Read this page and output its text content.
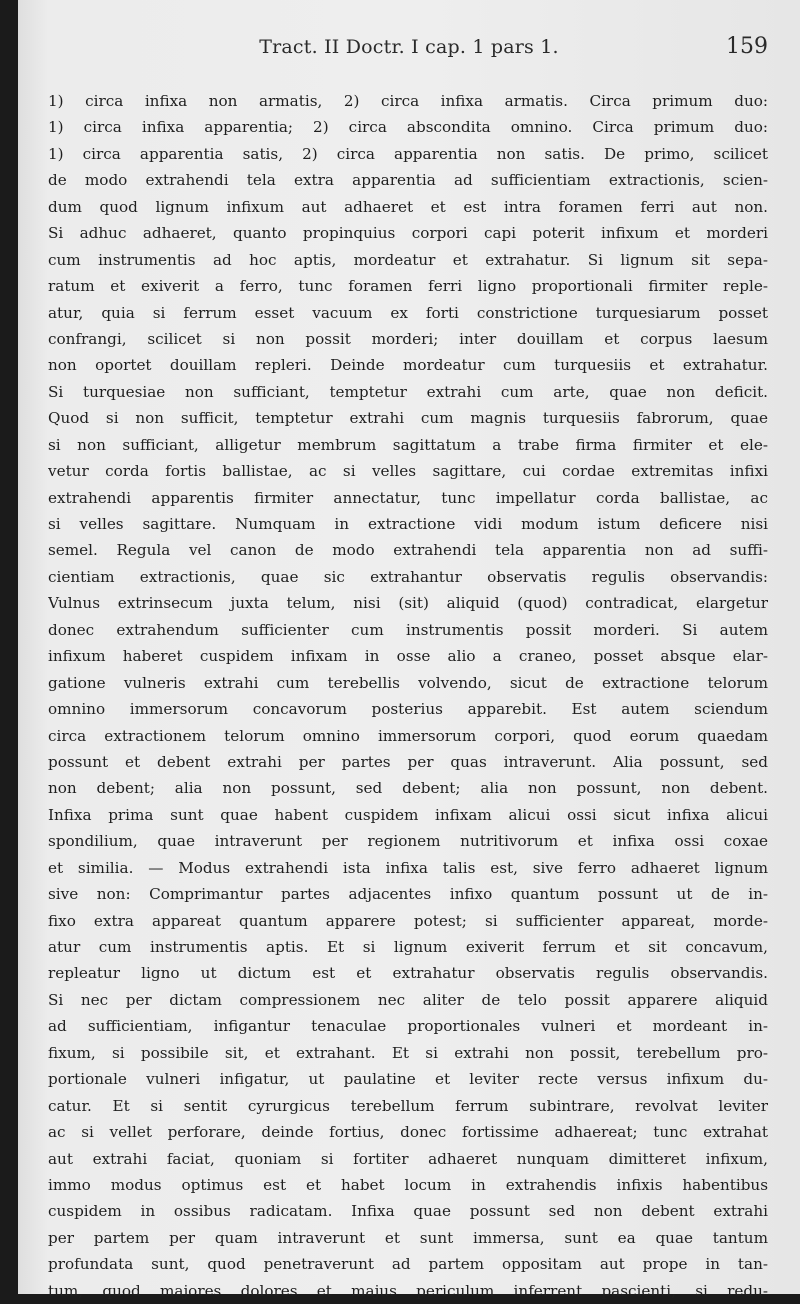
Tract. II Doctr. I cap. 1 pars 1.	159
1) circa infixa non armatis, 2) circa infixa armatis. Circa primum duo:
1) circa infixa apparentia; 2) circa abscondita omnino. Circa primum duo:
1) circa apparentia satis, 2) circa apparentia non satis. De primo, scilicet
de modo extrahendi tela extra apparentia ad sufficientiam extractionis, scien-
dum quod lignum infixum aut adhaeret et est intra foramen ferri aut non.
Si adhuc adhaeret, quanto propinquius corpori capi poterit infixum et morderi
cum instrumentis ad hoc aptis, mordeatur et extrahatur. Si lignum sit sepa-
ratum et exiverit a ferro, tunc foramen ferri ligno proportionali firmiter reple-
atur, quia si ferrum esset vacuum ex forti constrictione turquesiarum posset
confrangi, scilicet si non possit morderi; inter douillam et corpus laesum
non oportet douillam repleri. Deinde mordeatur cum turquesiis et extrahatur.
Si turquesiae non sufficiant, temptetur extrahi cum arte, quae non deficit.
Quod si non sufficit, temptetur extrahi cum magnis turquesiis fabrorum, quae
si non sufficiant, alligetur membrum sagittatum a trabe firma firmiter et ele-
vetur corda fortis ballistae, ac si velles sagittare, cui cordae extremitas infixi
extrahendi apparentis firmiter annectatur, tunc impellatur corda ballistae, ac
si velles sagittare. Numquam in extractione vidi modum istum deficere nisi
semel. Regula vel canon de modo extrahendi tela apparentia non ad suffi-
cientiam extractionis, quae sic extrahantur observatis regulis observandis:
Vulnus extrinsecum juxta telum, nisi (sit) aliquid (quod) contradicat, elargetur
donec extrahendum sufficienter cum instrumentis possit morderi. Si autem
infixum haberet cuspidem infixam in osse alio a craneo, posset absque elar-
gatione vulneris extrahi cum terebellis volvendo, sicut de extractione telorum
omnino immersorum concavorum posterius apparebit. Est autem sciendum
circa extractionem telorum omnino immersorum corpori, quod eorum quaedam
possunt et debent extrahi per partes per quas intraverunt. Alia possunt, sed
non debent; alia non possunt, sed debent; alia non possunt, non debent.
Infixa prima sunt quae habent cuspidem infixam alicui ossi sicut infixa alicui
spondilium, quae intraverunt per regionem nutritivorum et infixa ossi coxae
et similia. — Modus extrahendi ista infixa talis est, sive ferro adhaeret lignum
sive non: Comprimantur partes adjacentes infixo quantum possunt ut de in-
fixo extra appareat quantum apparere potest; si sufficienter appareat, morde-
atur cum instrumentis aptis. Et si lignum exiverit ferrum et sit concavum,
repleatur ligno ut dictum est et extrahatur observatis regulis observandis.
Si nec per dictam compressionem nec aliter de telo possit apparere aliquid
ad sufficientiam, infigantur tenaculae proportionales vulneri et mordeant in-
fixum, si possibile sit, et extrahant. Et si extrahi non possit, terebellum pro-
portionale vulneri infigatur, ut paulatine et leviter recte versus infixum du-
catur. Et si sentit cyrurgicus terebellum ferrum subintrare, revolvat leviter
ac si vellet perforare, deinde fortius, donec fortissime adhaereat; tunc extrahat
aut extrahi faciat, quoniam si fortiter adhaeret nunquam dimitteret infixum,
immo modus optimus est et habet locum in extrahendis infixis habentibus
cuspidem in ossibus radicatam. Infixa quae possunt sed non debent extrahi
per partem per quam intraverunt et sunt immersa, sunt ea quae tantum
profundata sunt, quod penetraverunt ad partem oppositam aut prope in tan-
tum, quod majores dolores et majus periculum inferrent pascienti, si redu-
